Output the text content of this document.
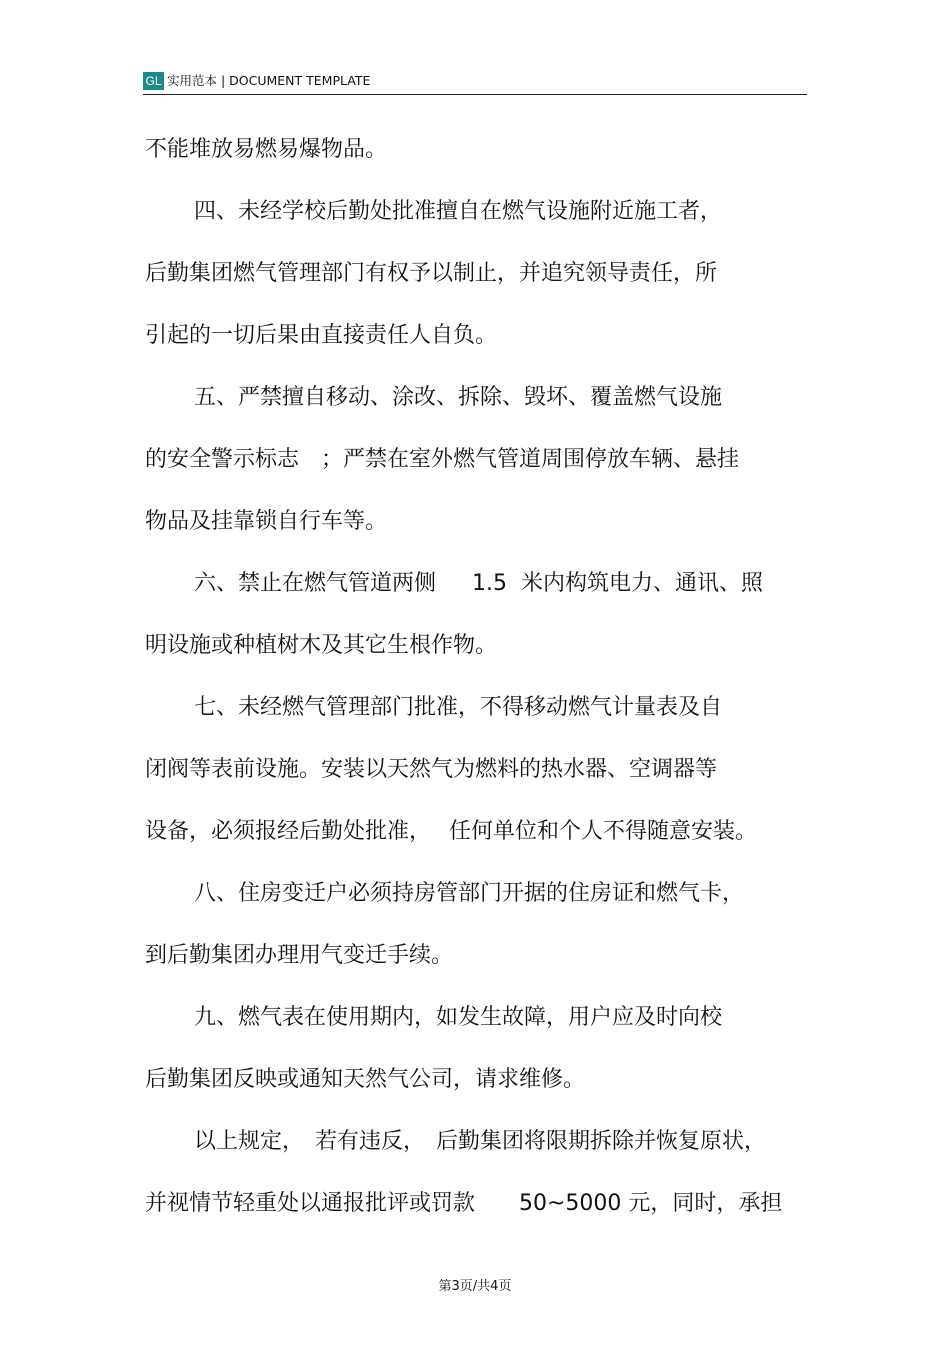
GL 实用范本 | DOCUMENT TEMPLATE
不能堆放易燃易爆物品。
四、未经学校后勤处批准擅自在燃气设施附近施工者，
后勤集团燃气管理部门有权予以制止，并追究领导责任，所
引起的一切后果由直接责任人自负。
五、严禁擅自移动、涂改、拆除、毁坏、覆盖燃气设施
的安全警示标志　；严禁在室外燃气管道周围停放车辆、悬挂
物品及挂靠锁自行车等。
六、禁止在燃气管道两侧　  1.5  米内构筑电力、通讯、照
明设施或种植树木及其它生根作物。
七、未经燃气管理部门批准，不得移动燃气计量表及自
闭阀等表前设施。安装以天然气为燃料的热水器、空调器等
设备，必须报经后勤处批准，　 任何单位和个人不得随意安装。
八、住房变迁户必须持房管部门开据的住房证和燃气卡，
到后勤集团办理用气变迁手续。
九、燃气表在使用期内，如发生故障，用户应及时向校
后勤集团反映或通知天然气公司，请求维修。
以上规定，　若有违反，　后勤集团将限期拆除并恢复原状，
并视情节轻重处以通报批评或罚款　　50~5000 元，同时，承担
第3页/共4页
